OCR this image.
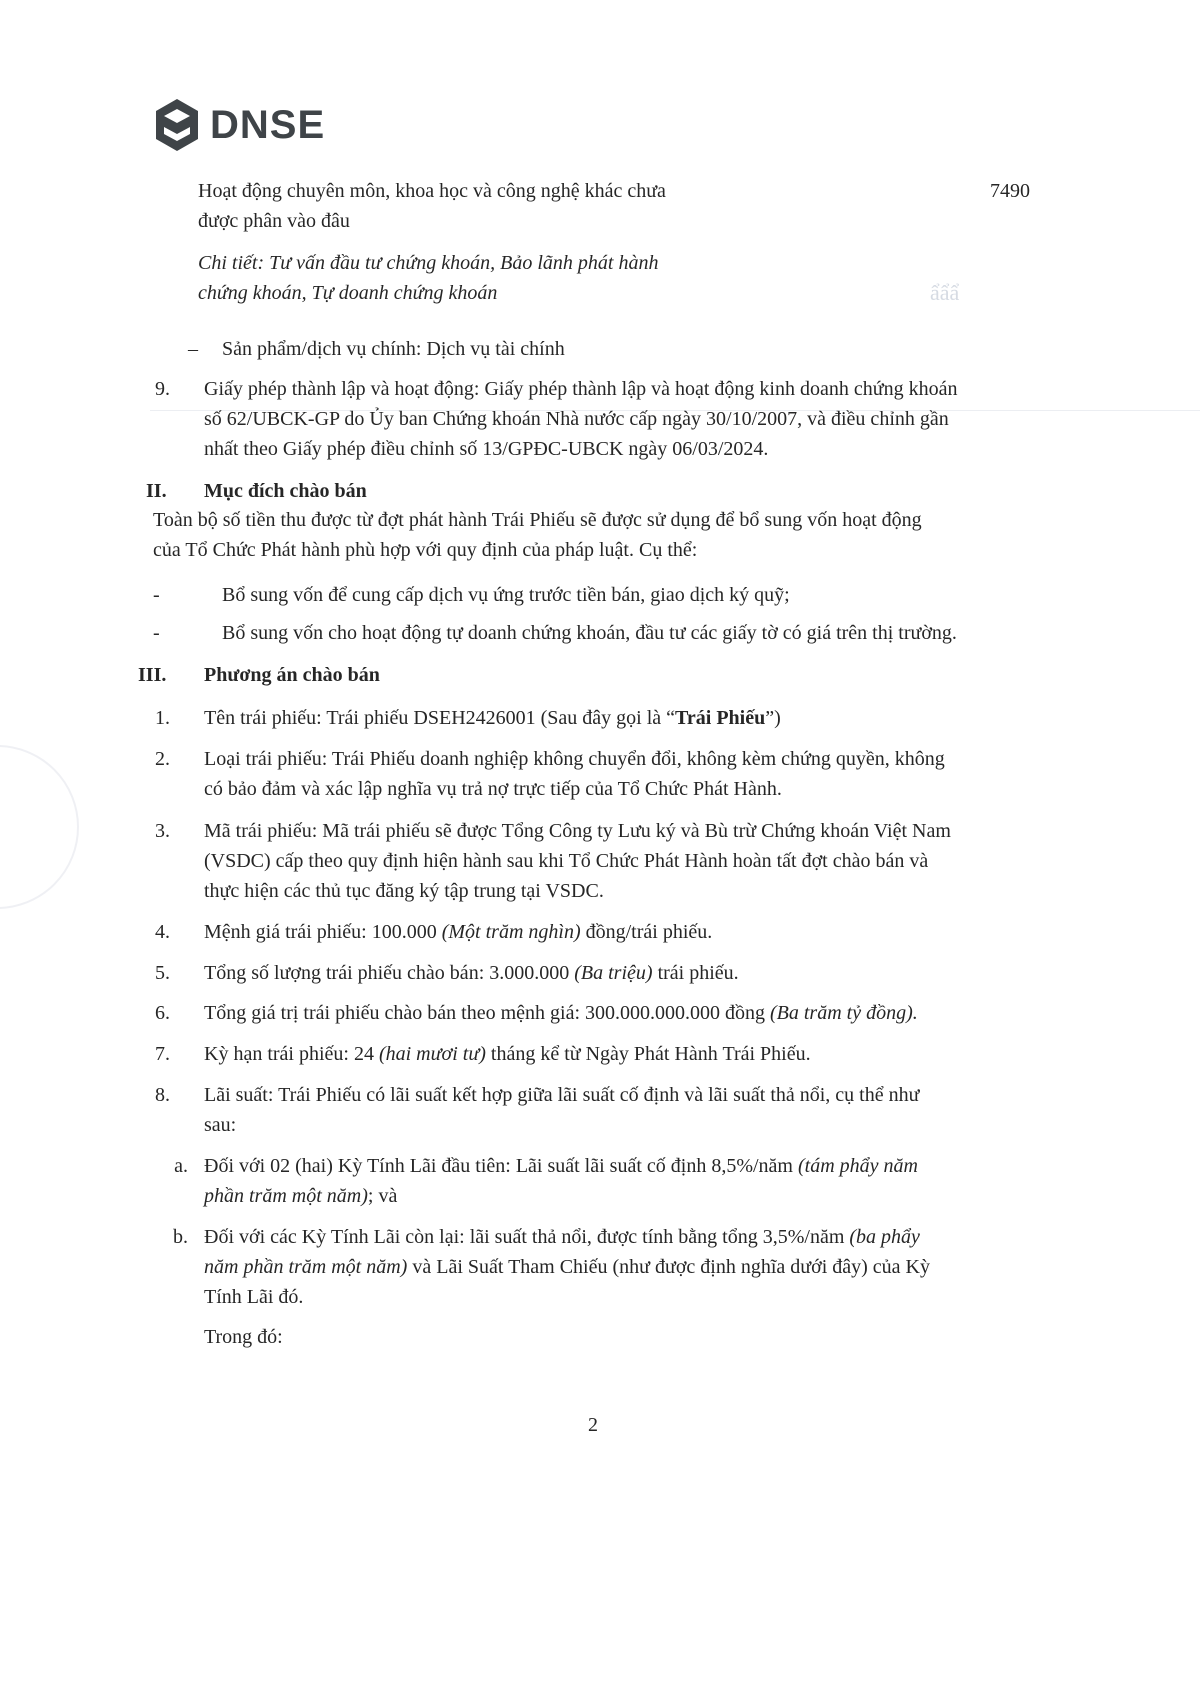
ẩẩẩ
DNSE
Hoạt động chuyên môn, khoa học và công nghệ khác chưa
được phân vào đâu
7490
Chi tiết: Tư vấn đầu tư chứng khoán, Bảo lãnh phát hành
chứng khoán, Tự doanh chứng khoán
– Sản phẩm/dịch vụ chính: Dịch vụ tài chính
9. Giấy phép thành lập và hoạt động: Giấy phép thành lập và hoạt động kinh doanh chứng khoán
số 62/UBCK-GP do Ủy ban Chứng khoán Nhà nước cấp ngày 30/10/2007, và điều chỉnh gần
nhất theo Giấy phép điều chỉnh số 13/GPĐC-UBCK ngày 06/03/2024.
II. Mục đích chào bán
Toàn bộ số tiền thu được từ đợt phát hành Trái Phiếu sẽ được sử dụng để bổ sung vốn hoạt động
của Tổ Chức Phát hành phù hợp với quy định của pháp luật. Cụ thể:
-	Bổ sung vốn để cung cấp dịch vụ ứng trước tiền bán, giao dịch ký quỹ;
-	Bổ sung vốn cho hoạt động tự doanh chứng khoán, đầu tư các giấy tờ có giá trên thị trường.
III. Phương án chào bán
1. Tên trái phiếu: Trái phiếu DSEH2426001 (Sau đây gọi là “Trái Phiếu”)
2. Loại trái phiếu: Trái Phiếu doanh nghiệp không chuyển đổi, không kèm chứng quyền, không
có bảo đảm và xác lập nghĩa vụ trả nợ trực tiếp của Tổ Chức Phát Hành.
3. Mã trái phiếu: Mã trái phiếu sẽ được Tổng Công ty Lưu ký và Bù trừ Chứng khoán Việt Nam
(VSDC) cấp theo quy định hiện hành sau khi Tổ Chức Phát Hành hoàn tất đợt chào bán và
thực hiện các thủ tục đăng ký tập trung tại VSDC.
4. Mệnh giá trái phiếu: 100.000 (Một trăm nghìn) đồng/trái phiếu.
5. Tổng số lượng trái phiếu chào bán: 3.000.000 (Ba triệu) trái phiếu.
6. Tổng giá trị trái phiếu chào bán theo mệnh giá: 300.000.000.000 đồng (Ba trăm tỷ đồng).
7. Kỳ hạn trái phiếu: 24 (hai mươi tư) tháng kể từ Ngày Phát Hành Trái Phiếu.
8. Lãi suất: Trái Phiếu có lãi suất kết hợp giữa lãi suất cố định và lãi suất thả nổi, cụ thể như
sau:
a. Đối với 02 (hai) Kỳ Tính Lãi đầu tiên: Lãi suất lãi suất cố định 8,5%/năm (tám phẩy năm
phần trăm một năm); và
b. Đối với các Kỳ Tính Lãi còn lại: lãi suất thả nổi, được tính bằng tổng 3,5%/năm (ba phẩy
năm phần trăm một năm) và Lãi Suất Tham Chiếu (như được định nghĩa dưới đây) của Kỳ
Tính Lãi đó.
Trong đó:
2
